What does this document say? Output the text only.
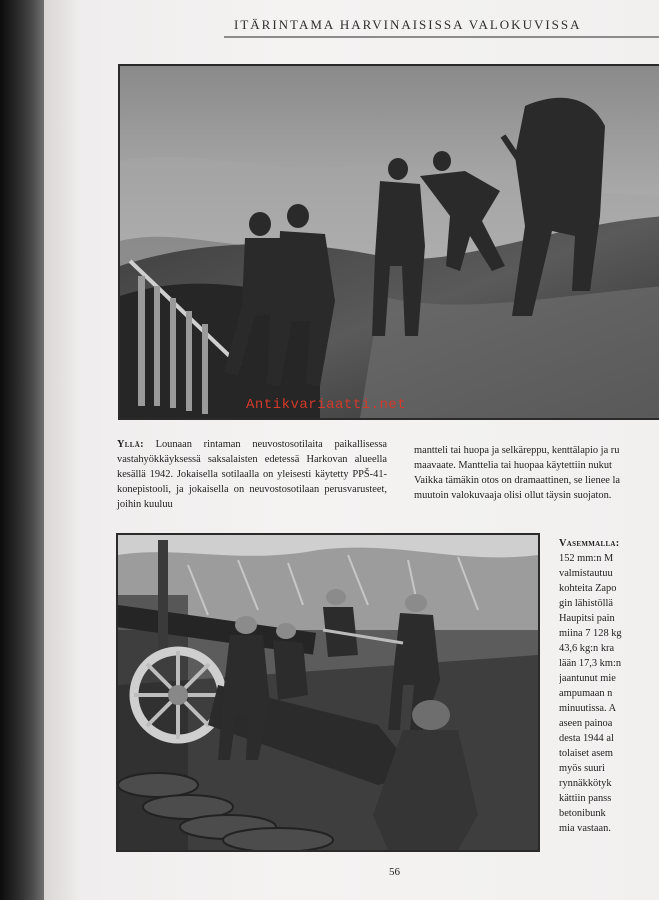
ITÄRINTAMA HARVINAISISSA VALOKUVISSA
Antikvariaatti.net
Yllä: Lounaan rintaman neuvostosotilaita paikallisessa vastahyökkäyksessä saksalaisten edetessä Harkovan alueella kesällä 1942. Jokaisella sotilaalla on yleisesti käytetty PPŠ-41-konepistooli, ja jokaisella on neuvostosotilaan perusvarusteet, joihin kuuluu
mantteli tai huopa ja selkäreppu, kenttälapio ja ru
maavaate. Manttelia tai huopaa käytettiin nukut
Vaikka tämäkin otos on dramaattinen, se lienee la
muutoin valokuvaaja olisi ollut täysin suojaton.
Vasemmalla:
152 mm:n M
valmistautuu
kohteita Zapo
gin lähistöllä
Haupitsi pain
miina 7 128 kg
43,6 kg:n kra
lään 17,3 km:n
jaantunut mie
ampumaan n
minuutissa. A
aseen painoa
desta 1944 al
tolaiset asem
myös suuri
rynnäkkötyk
kättiin panss
betonibunk
mia vastaan.
56
